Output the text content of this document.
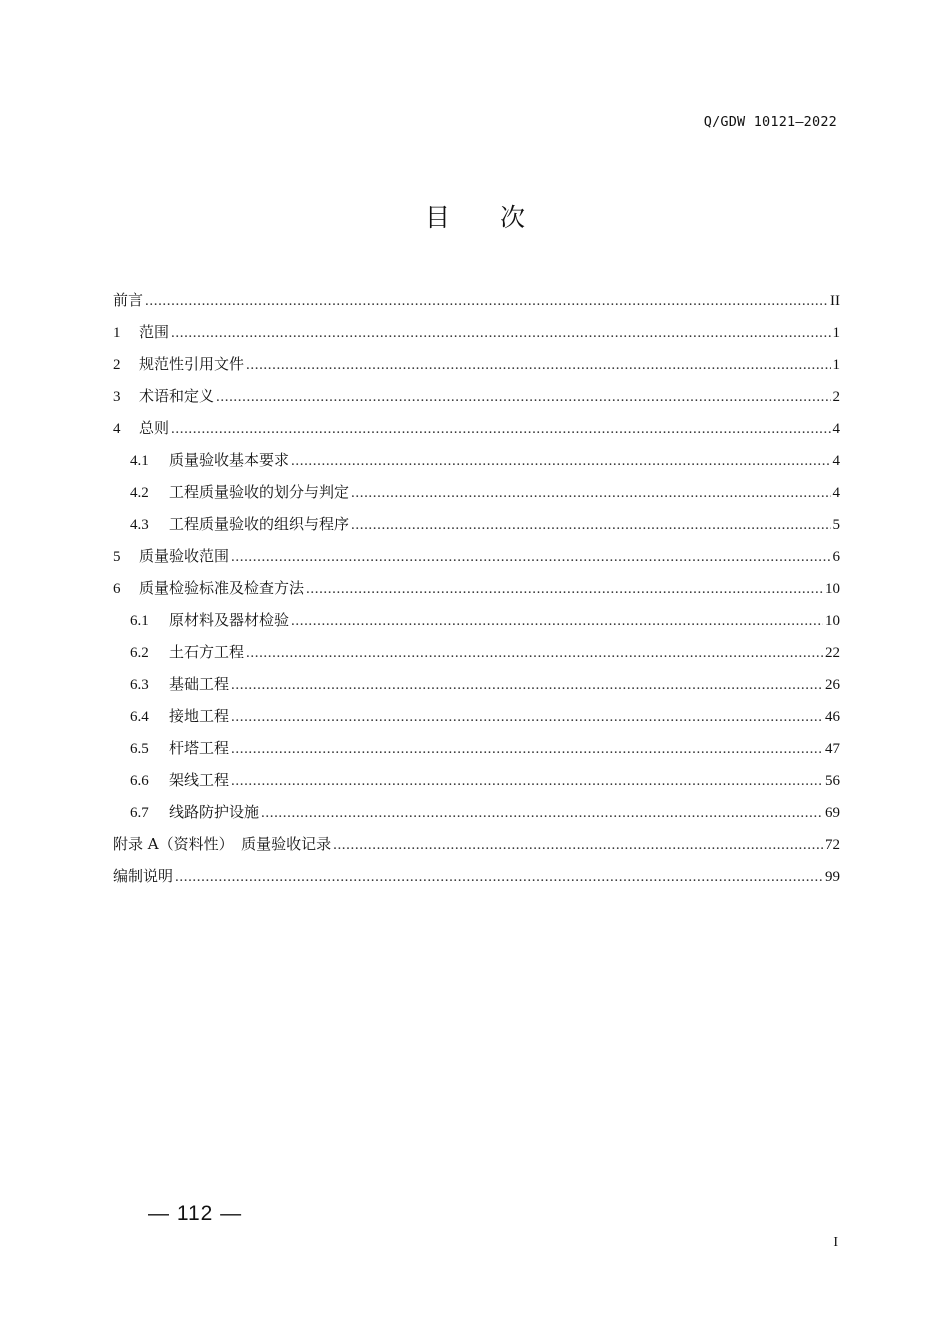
Q/GDW 10121—2022
目 次
前言 .....	II
1	范围 .....	1
2	规范性引用文件 .....	1
3	术语和定义 .....	2
4	总则 .....	4
4.1	质量验收基本要求 .....	4
4.2	工程质量验收的划分与判定 .....	4
4.3	工程质量验收的组织与程序 .....	5
5	质量验收范围 .....	6
6	质量检验标准及检查方法 .....	10
6.1	原材料及器材检验 .....	10
6.2	土石方工程 .....	22
6.3	基础工程 .....	26
6.4	接地工程 .....	46
6.5	杆塔工程 .....	47
6.6	架线工程 .....	56
6.7	线路防护设施 .....	69
附录 A（资料性）　质量验收记录 .....	72
编制说明 .....	99
— 112 —
I
